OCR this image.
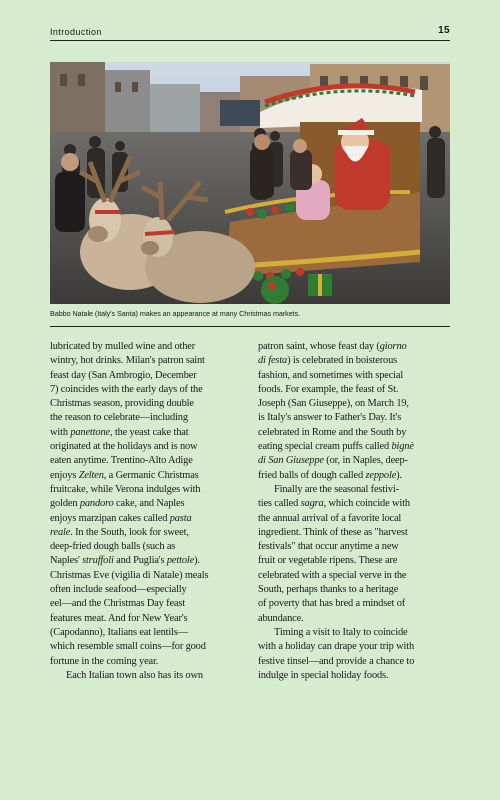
Introduction	15
Babbo Natale (Italy's Santa) makes an appearance at many Christmas markets.
lubricated by mulled wine and other
wintry, hot drinks. Milan's patron saint
feast day (San Ambrogio, December
7) coincides with the early days of the
Christmas season, providing double
the reason to celebrate—including
with panettone, the yeast cake that
originated at the holidays and is now
eaten anytime. Trentino-Alto Adige
enjoys Zelten, a Germanic Christmas
fruitcake, while Verona indulges with
golden pandoro cake, and Naples
enjoys marzipan cakes called pasta
reale. In the South, look for sweet,
deep-fried dough balls (such as
Naples' struffoli and Puglia's pettole).
Christmas Eve (vigilia di Natale) meals
often include seafood—especially
eel—and the Christmas Day feast
features meat. And for New Year's
(Capodanno), Italians eat lentils—
which resemble small coins—for good
fortune in the coming year.
Each Italian town also has its own
patron saint, whose feast day (giorno
di festa) is celebrated in boisterous
fashion, and sometimes with special
foods. For example, the feast of St.
Joseph (San Giuseppe), on March 19,
is Italy's answer to Father's Day. It's
celebrated in Rome and the South by
eating special cream puffs called bignè
di San Giuseppe (or, in Naples, deep-
fried balls of dough called zeppole).
Finally are the seasonal festivi-
ties called sagra, which coincide with
the annual arrival of a favorite local
ingredient. Think of these as "harvest
festivals" that occur anytime a new
fruit or vegetable ripens. These are
celebrated with a special verve in the
South, perhaps thanks to a heritage
of poverty that has bred a mindset of
abundance.
Timing a visit to Italy to coincide
with a holiday can drape your trip with
festive tinsel—and provide a chance to
indulge in special holiday foods.
